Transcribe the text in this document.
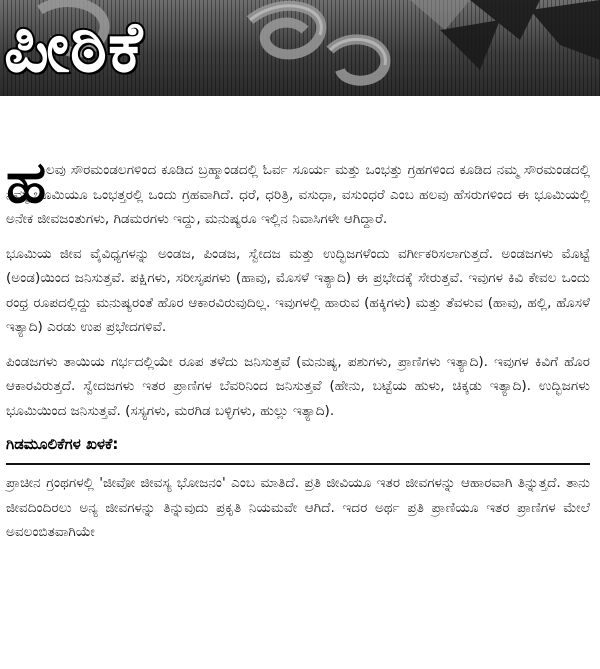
ಪೀಠಿಕೆ
ಹ ಲವು ಸೌರಮಂಡಲಗಳಿಂದ ಕೂಡಿದ ಬ್ರಹ್ಮಾಂಡದಲ್ಲಿ ಓರ್ವ ಸೂರ್ಯ ಮತ್ತು ಒಂಭತ್ತು ಗ್ರಹಗಳಿಂದ ಕೂಡಿದ ನಮ್ಮ ಸೌರಮಂಡದಲ್ಲಿ ನಮ್ಮ ಭೂಮಿಯೂ ಒಂಭತ್ತರಲ್ಲಿ ಒಂದು ಗ್ರಹವಾಗಿದೆ. ಧರೆ, ಧರಿತ್ರಿ, ವಸುಧಾ, ವಸುಂಧರೆ ಎಂಬ ಹಲವು ಹೆಸರುಗಳಿಂದ ಈ ಭೂಮಿಯಲ್ಲಿ ಅನೇಕ ಜೀವಜಂತುಗಳು, ಗಿಡಮರಗಳು ಇದ್ದು, ಮನುಷ್ಯರೂ ಇಲ್ಲಿನ ನಿವಾಸಿಗಳೇ ಆಗಿದ್ದಾರೆ.

ಭೂಮಿಯ ಜೀವ ವೈವಿಧ್ಯಗಳನ್ನು ಅಂಡಜ, ಪಿಂಡಜ, ಸ್ವೇದಜ ಮತ್ತು ಉದ್ಭಿಜಗಳೆಂದು ವರ್ಗೀಕರಿಸಲಾಗುತ್ತದೆ. ಅಂಡಜಗಳು ಮೊಟ್ಟೆ (ಅಂಡ)ಯಿಂದ ಜನಿಸುತ್ತವೆ. ಪಕ್ಷಿಗಳು, ಸರೀಸೃಪಗಳು (ಹಾವು, ಮೊಸಳೆ ಇತ್ಯಾದಿ) ಈ ಪ್ರಭೇದಕ್ಕೆ ಸೇರುತ್ತವೆ. ಇವುಗಳ ಕಿವಿ ಕೇವಲ ಒಂದು ರಂಧ್ರ ರೂಪದಲ್ಲಿದ್ದು ಮನುಷ್ಯರಂತೆ ಹೊರ ಆಕಾರವಿರುವುದಿಲ್ಲ. ಇವುಗಳಲ್ಲಿ ಹಾರುವ (ಹಕ್ಕಿಗಳು) ಮತ್ತು ತೆವಳುವ (ಹಾವು, ಹಲ್ಲಿ, ಹೊಸಳೆ ಇತ್ಯಾದಿ) ಎರಡು ಉಪ ಪ್ರಭೇದಗಳಿವೆ.

ಪಿಂಡಜಗಳು ತಾಯಿಯ ಗರ್ಭದಲ್ಲಿಯೇ ರೂಪ ತಳೆದು ಜನಿಸುತ್ತವೆ (ಮನುಷ್ಯ, ಪಶುಗಳು, ಪ್ರಾಣಿಗಳು ಇತ್ಯಾದಿ). ಇವುಗಳ ಕಿವಿಗೆ ಹೊರ ಆಕಾರವಿರುತ್ತದೆ. ಸ್ವೇದಜಗಳು ಇತರ ಪ್ರಾಣಿಗಳ ಬೆವರಿನಿಂದ ಜನಿಸುತ್ತವೆ (ಹೇನು, ಬಟ್ಟೆಯ ಹುಳು, ಚಿಕ್ಕಡು ಇತ್ಯಾದಿ). ಉದ್ಭಿಜಗಳು ಭೂಮಿಯಿಂದ ಜನಿಸುತ್ತವೆ. (ಸಸ್ಯಗಳು, ಮರಗಿಡ ಬಳ್ಳಿಗಳು, ಹುಲ್ಲು ಇತ್ಯಾದಿ).

ಗಿಡಮೂಲಿಕೆಗಳ ಖಳಕೆ:

ಪ್ರಾಚೀನ ಗ್ರಂಥಗಳಲ್ಲಿ 'ಜೀವೋ ಜೀವಸ್ಯ ಭೋಜನಂ' ಎಂಬ ಮಾತಿದೆ. ಪ್ರತಿ ಜೀವಿಯೂ ಇತರ ಜೀವಗಳನ್ನು ಆಹಾರವಾಗಿ ತಿನ್ನುತ್ತದೆ. ತಾನು ಜೀವದಿಂದಿರಲು ಅನ್ಯ ಜೀವಗಳನ್ನು ತಿನ್ನುವುದು ಪ್ರಕೃತಿ ನಿಯಮವೇ ಆಗಿದೆ. ಇದರ ಅರ್ಥ ಪ್ರತಿ ಪ್ರಾಣಿಯೂ ಇತರ ಪ್ರಾಣಿಗಳ ಮೇಲೆ ಅವಲಂಬಿತವಾಗಿಯೇ
